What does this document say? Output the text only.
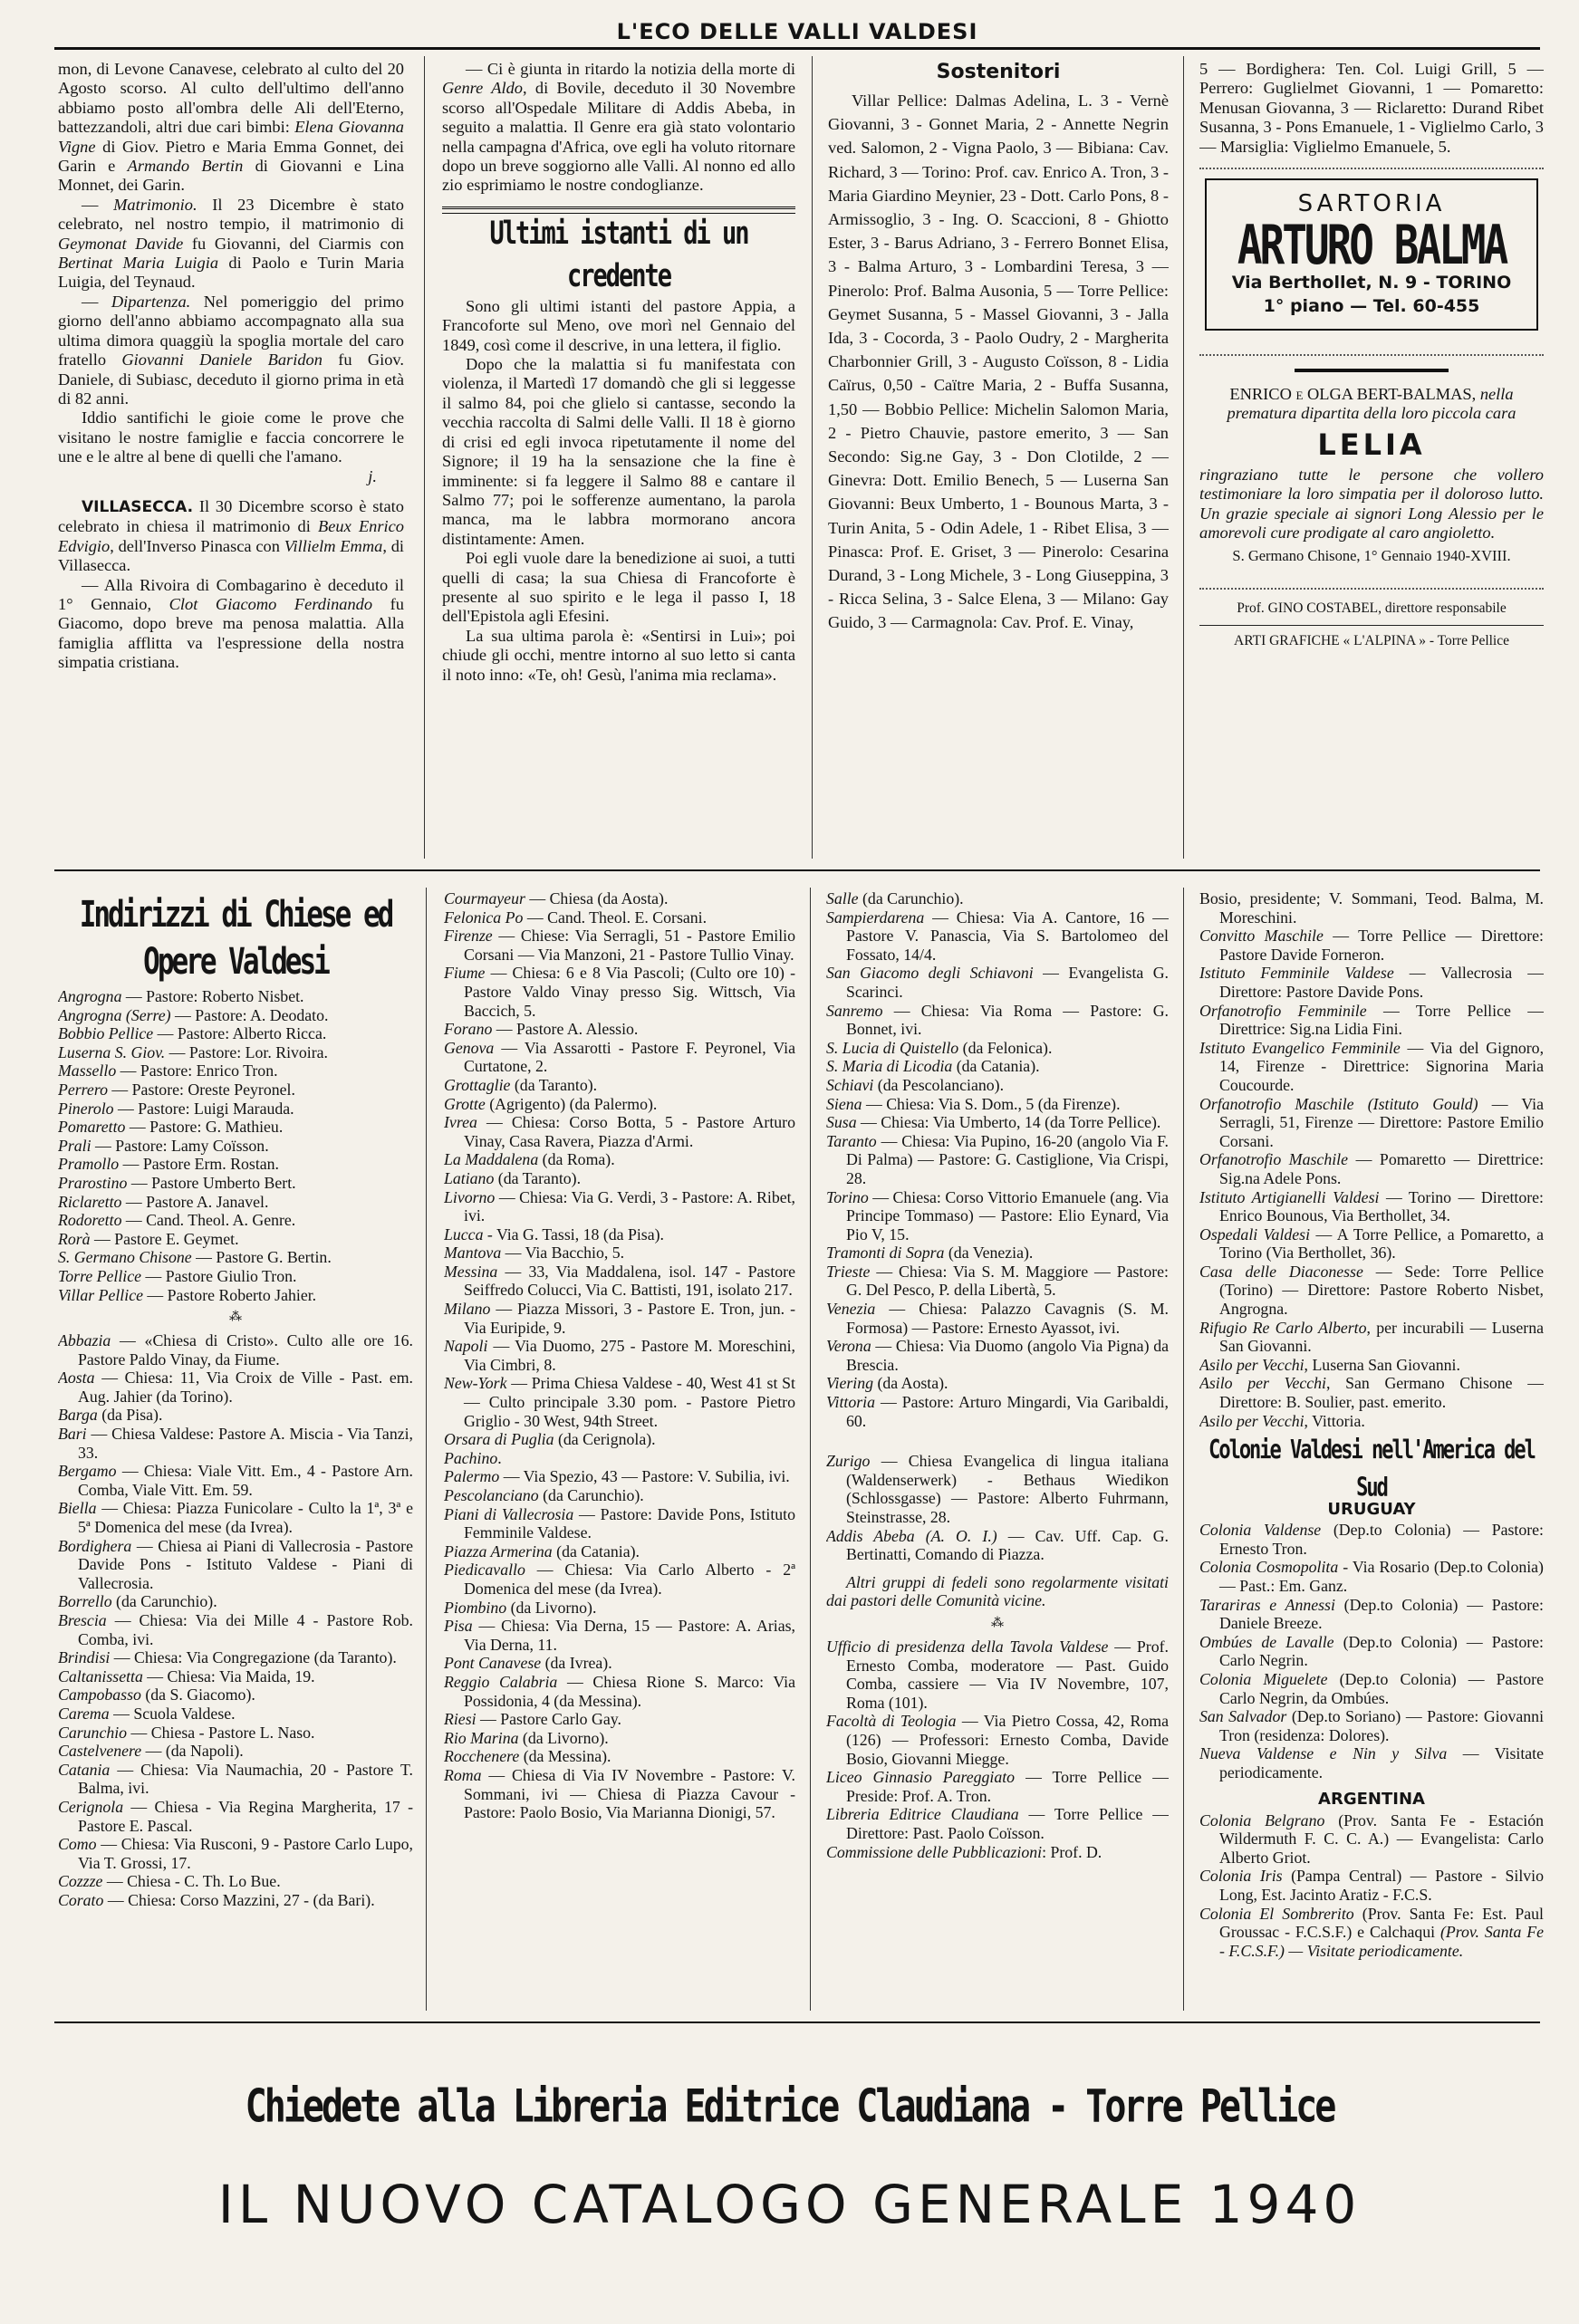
L'ECO DELLE VALLI VALDESI

mon, di Levone Canavese, celebrato al culto del 20 Agosto scorso. Al culto dell'ultimo dell'anno abbiamo posto all'ombra delle Ali dell'Eterno, battezzandoli, altri due cari bimbi: Elena Giovanna Vigne di Giov. Pietro e Maria Emma Gonnet, dei Garin e Armando Bertin di Giovanni e Lina Monnet, dei Garin.

— Matrimonio. Il 23 Dicembre è stato celebrato, nel nostro tempio, il matrimonio di Geymonat Davide fu Giovanni, del Ciarmis con Bertinat Maria Luigia di Paolo e Turin Maria Luigia, del Teynaud.

— Dipartenza. Nel pomeriggio del primo giorno dell'anno abbiamo accompagnato alla sua ultima dimora quaggiù la spoglia mortale del caro fratello Giovanni Daniele Baridon fu Giov. Daniele, di Subiasc, deceduto il giorno prima in età di 82 anni.

Iddio santifichi le gioie come le prove che visitano le nostre famiglie e faccia concorrere le une e le altre al bene di quelli che l'amano.

j.

VILLASECCA. Il 30 Dicembre scorso è stato celebrato in chiesa il matrimonio di Beux Enrico Edvigio, dell'Inverso Pinasca con Villielm Emma, di Villasecca.

— Alla Rivoira di Combagarino è deceduto il 1° Gennaio, Clot Giacomo Ferdinando fu Giacomo, dopo breve ma penosa malattia. Alla famiglia afflitta va l'espressione della nostra simpatia cristiana.

— Ci è giunta in ritardo la notizia della morte di Genre Aldo, di Bovile, deceduto il 30 Novembre scorso all'Ospedale Militare di Addis Abeba, in seguito a malattia. Il Genre era già stato volontario nella campagna d'Africa, ove egli ha voluto ritornare dopo un breve soggiorno alle Valli. Al nonno ed allo zio esprimiamo le nostre condoglianze.

Ultimi istanti di un credente

Sono gli ultimi istanti del pastore Appia, a Francoforte sul Meno, ove morì nel Gennaio del 1849, così come il descrive, in una lettera, il figlio.

Dopo che la malattia si fu manifestata con violenza, il Martedì 17 domandò che gli si leggesse il salmo 84, poi che glielo si cantasse, secondo la vecchia raccolta di Salmi delle Valli. Il 18 è giorno di crisi ed egli invoca ripetutamente il nome del Signore; il 19 ha la sensazione che la fine è imminente: si fa leggere il Salmo 88 e cantare il Salmo 77; poi le sofferenze aumentano, la parola manca, ma le labbra mormorano ancora distintamente: Amen.

Poi egli vuole dare la benedizione ai suoi, a tutti quelli di casa; la sua Chiesa di Francoforte è presente al suo spirito e le lega il passo I, 18 dell'Epistola agli Efesini.

La sua ultima parola è: «Sentirsi in Lui»; poi chiude gli occhi, mentre intorno al suo letto si canta il noto inno: «Te, oh! Gesù, l'anima mia reclama».

Sostenitori

Villar Pellice: Dalmas Adelina, L. 3 - Vernè Giovanni, 3 - Gonnet Maria, 2 - Annette Negrin ved. Salomon, 2 - Vigna Paolo, 3 — Bibiana: Cav. Richard, 3 — Torino: Prof. cav. Enrico A. Tron, 3 - Maria Giardino Meynier, 23 - Dott. Carlo Pons, 8 - Armissoglio, 3 - Ing. O. Scaccioni, 8 - Ghiotto Ester, 3 - Barus Adriano, 3 - Ferrero Bonnet Elisa, 3 - Balma Arturo, 3 - Lombardini Teresa, 3 — Pinerolo: Prof. Balma Ausonia, 5 — Torre Pellice: Geymet Susanna, 5 - Massel Giovanni, 3 - Jalla Ida, 3 - Cocorda, 3 - Paolo Oudry, 2 - Margherita Charbonnier Grill, 3 - Augusto Coïsson, 8 - Lidia Caïrus, 0,50 - Caïtre Maria, 2 - Buffa Susanna, 1,50 — Bobbio Pellice: Michelin Salomon Maria, 2 - Pietro Chauvie, pastore emerito, 3 — San Secondo: Sig.ne Gay, 3 - Don Clotilde, 2 — Ginevra: Dott. Emilio Benech, 5 — Luserna San Giovanni: Beux Umberto, 1 - Bounous Marta, 3 - Turin Anita, 5 - Odin Adele, 1 - Ribet Elisa, 3 — Pinasca: Prof. E. Griset, 3 — Pinerolo: Cesarina Durand, 3 - Long Michele, 3 - Long Giuseppina, 3 - Ricca Selina, 3 - Salce Elena, 3 — Milano: Gay Guido, 3 — Carmagnola: Cav. Prof. E. Vinay,

5 — Bordighera: Ten. Col. Luigi Grill, 5 — Perrero: Guglielmet Giovanni, 1 — Pomaretto: Menusan Giovanna, 3 — Riclaretto: Durand Ribet Susanna, 3 - Pons Emanuele, 1 - Viglielmo Carlo, 3 — Marsiglia: Viglielmo Emanuele, 5.

SARTORIA
ARTURO BALMA
Via Berthollet, N. 9 - TORINO
1° piano — Tel. 60-455

ENRICO e OLGA BERT-BALMAS, nella prematura dipartita della loro piccola cara

LELIA

ringraziano tutte le persone che vollero testimoniare la loro simpatia per il doloroso lutto. Un grazie speciale ai signori Long Alessio per le amorevoli cure prodigate al caro angioletto.

S. Germano Chisone, 1° Gennaio 1940-XVIII.

Prof. GINO COSTABEL, direttore responsabile

ARTI GRAFICHE « L'ALPINA » - Torre Pellice

Indirizzi di Chiese ed Opere Valdesi

Angrogna — Pastore: Roberto Nisbet.

Angrogna (Serre) — Pastore: A. Deodato.

Bobbio Pellice — Pastore: Alberto Ricca.

Luserna S. Giov. — Pastore: Lor. Rivoira.

Massello — Pastore: Enrico Tron.

Perrero — Pastore: Oreste Peyronel.

Pinerolo — Pastore: Luigi Marauda.

Pomaretto — Pastore: G. Mathieu.

Prali — Pastore: Lamy Coïsson.

Pramollo — Pastore Erm. Rostan.

Prarostino — Pastore Umberto Bert.

Riclaretto — Pastore A. Janavel.

Rodoretto — Cand. Theol. A. Genre.

Rorà — Pastore E. Geymet.

S. Germano Chisone — Pastore G. Bertin.

Torre Pellice — Pastore Giulio Tron.

Villar Pellice — Pastore Roberto Jahier.

⁂

Abbazia — «Chiesa di Cristo». Culto alle ore 16. Pastore Paldo Vinay, da Fiume.

Aosta — Chiesa: 11, Via Croix de Ville - Past. em. Aug. Jahier (da Torino).

Barga (da Pisa).

Bari — Chiesa Valdese: Pastore A. Miscia - Via Tanzi, 33.

Bergamo — Chiesa: Viale Vitt. Em., 4 - Pastore Arn. Comba, Viale Vitt. Em. 59.

Biella — Chiesa: Piazza Funicolare - Culto la 1ª, 3ª e 5ª Domenica del mese (da Ivrea).

Bordighera — Chiesa ai Piani di Vallecrosia - Pastore Davide Pons - Istituto Valdese - Piani di Vallecrosia.

Borrello (da Carunchio).

Brescia — Chiesa: Via dei Mille 4 - Pastore Rob. Comba, ivi.

Brindisi — Chiesa: Via Congregazione (da Taranto).

Caltanissetta — Chiesa: Via Maida, 19.

Campobasso (da S. Giacomo).

Carema — Scuola Valdese.

Carunchio — Chiesa - Pastore L. Naso.

Castelvenere — (da Napoli).

Catania — Chiesa: Via Naumachia, 20 - Pastore T. Balma, ivi.

Cerignola — Chiesa - Via Regina Margherita, 17 - Pastore E. Pascal.

Como — Chiesa: Via Rusconi, 9 - Pastore Carlo Lupo, Via T. Grossi, 17.

Cozzze — Chiesa - C. Th. Lo Bue.

Corato — Chiesa: Corso Mazzini, 27 - (da Bari).

Courmayeur — Chiesa (da Aosta).

Felonica Po — Cand. Theol. E. Corsani.

Firenze — Chiese: Via Serragli, 51 - Pastore Emilio Corsani — Via Manzoni, 21 - Pastore Tullio Vinay.

Fiume — Chiesa: 6 e 8 Via Pascoli; (Culto ore 10) - Pastore Valdo Vinay presso Sig. Wittsch, Via Baccich, 5.

Forano — Pastore A. Alessio.

Genova — Via Assarotti - Pastore F. Peyronel, Via Curtatone, 2.

Grottaglie (da Taranto).

Grotte (Agrigento) (da Palermo).

Ivrea — Chiesa: Corso Botta, 5 - Pastore Arturo Vinay, Casa Ravera, Piazza d'Armi.

La Maddalena (da Roma).

Latiano (da Taranto).

Livorno — Chiesa: Via G. Verdi, 3 - Pastore: A. Ribet, ivi.

Lucca - Via G. Tassi, 18 (da Pisa).

Mantova — Via Bacchio, 5.

Messina — 33, Via Maddalena, isol. 147 - Pastore Seiffredo Colucci, Via C. Battisti, 191, isolato 217.

Milano — Piazza Missori, 3 - Pastore E. Tron, jun. - Via Euripide, 9.

Napoli — Via Duomo, 275 - Pastore M. Moreschini, Via Cimbri, 8.

New-York — Prima Chiesa Valdese - 40, West 41 st St — Culto principale 3.30 pom. - Pastore Pietro Griglio - 30 West, 94th Street.

Orsara di Puglia (da Cerignola).

Pachino.

Palermo — Via Spezio, 43 — Pastore: V. Subilia, ivi.

Pescolanciano (da Carunchio).

Piani di Vallecrosia — Pastore: Davide Pons, Istituto Femminile Valdese.

Piazza Armerina (da Catania).

Piedicavallo — Chiesa: Via Carlo Alberto - 2ª Domenica del mese (da Ivrea).

Piombino (da Livorno).

Pisa — Chiesa: Via Derna, 15 — Pastore: A. Arias, Via Derna, 11.

Pont Canavese (da Ivrea).

Reggio Calabria — Chiesa Rione S. Marco: Via Possidonia, 4 (da Messina).

Riesi — Pastore Carlo Gay.

Rio Marina (da Livorno).

Rocchenere (da Messina).

Roma — Chiesa di Via IV Novembre - Pastore: V. Sommani, ivi — Chiesa di Piazza Cavour - Pastore: Paolo Bosio, Via Marianna Dionigi, 57.

Salle (da Carunchio).

Sampierdarena — Chiesa: Via A. Cantore, 16 — Pastore V. Panascia, Via S. Bartolomeo del Fossato, 14/4.

San Giacomo degli Schiavoni — Evangelista G. Scarinci.

Sanremo — Chiesa: Via Roma — Pastore: G. Bonnet, ivi.

S. Lucia di Quistello (da Felonica).

S. Maria di Licodia (da Catania).

Schiavi (da Pescolanciano).

Siena — Chiesa: Via S. Dom., 5 (da Firenze).

Susa — Chiesa: Via Umberto, 14 (da Torre Pellice).

Taranto — Chiesa: Via Pupino, 16-20 (angolo Via F. Di Palma) — Pastore: G. Castiglione, Via Crispi, 28.

Torino — Chiesa: Corso Vittorio Emanuele (ang. Via Principe Tommaso) — Pastore: Elio Eynard, Via Pio V, 15.

Tramonti di Sopra (da Venezia).

Trieste — Chiesa: Via S. M. Maggiore — Pastore: G. Del Pesco, P. della Libertà, 5.

Venezia — Chiesa: Palazzo Cavagnis (S. M. Formosa) — Pastore: Ernesto Ayassot, ivi.

Verona — Chiesa: Via Duomo (angolo Via Pigna) da Brescia.

Viering (da Aosta).

Vittoria — Pastore: Arturo Mingardi, Via Garibaldi, 60.

Zurigo — Chiesa Evangelica di lingua italiana (Waldenserwerk) - Bethaus Wiedikon (Schlossgasse) — Pastore: Alberto Fuhrmann, Steinstrasse, 28.

Addis Abeba (A. O. I.) — Cav. Uff. Cap. G. Bertinatti, Comando di Piazza.

Altri gruppi di fedeli sono regolarmente visitati dai pastori delle Comunità vicine.

⁂

Ufficio di presidenza della Tavola Valdese — Prof. Ernesto Comba, moderatore — Past. Guido Comba, cassiere — Via IV Novembre, 107, Roma (101).

Facoltà di Teologia — Via Pietro Cossa, 42, Roma (126) — Professori: Ernesto Comba, Davide Bosio, Giovanni Miegge.

Liceo Ginnasio Pareggiato — Torre Pellice — Preside: Prof. A. Tron.

Libreria Editrice Claudiana — Torre Pellice — Direttore: Past. Paolo Coïsson.

Commissione delle Pubblicazioni: Prof. D.

Bosio, presidente; V. Sommani, Teod. Balma, M. Moreschini.

Convitto Maschile — Torre Pellice — Direttore: Pastore Davide Forneron.

Istituto Femminile Valdese — Vallecrosia — Direttore: Pastore Davide Pons.

Orfanotrofio Femminile — Torre Pellice — Direttrice: Sig.na Lidia Fini.

Istituto Evangelico Femminile — Via del Gignoro, 14, Firenze - Direttrice: Signorina Maria Coucourde.

Orfanotrofio Maschile (Istituto Gould) — Via Serragli, 51, Firenze — Direttore: Pastore Emilio Corsani.

Orfanotrofio Maschile — Pomaretto — Direttrice: Sig.na Adele Pons.

Istituto Artigianelli Valdesi — Torino — Direttore: Enrico Bounous, Via Berthollet, 34.

Ospedali Valdesi — A Torre Pellice, a Pomaretto, a Torino (Via Berthollet, 36).

Casa delle Diaconesse — Sede: Torre Pellice (Torino) — Direttore: Pastore Roberto Nisbet, Angrogna.

Rifugio Re Carlo Alberto, per incurabili — Luserna San Giovanni.

Asilo per Vecchi, Luserna San Giovanni.

Asilo per Vecchi, San Germano Chisone — Direttore: B. Soulier, past. emerito.

Asilo per Vecchi, Vittoria.

Colonie Valdesi nell'America del Sud
URUGUAY

Colonia Valdense (Dep.to Colonia) — Pastore: Ernesto Tron.

Colonia Cosmopolita - Via Rosario (Dep.to Colonia) — Past.: Em. Ganz.

Tarariras e Annessi (Dep.to Colonia) — Pastore: Daniele Breeze.

Ombúes de Lavalle (Dep.to Colonia) — Pastore: Carlo Negrin.

Colonia Miguelete (Dep.to Colonia) — Pastore Carlo Negrin, da Ombúes.

San Salvador (Dep.to Soriano) — Pastore: Giovanni Tron (residenza: Dolores).

Nueva Valdense e Nin y Silva — Visitate periodicamente.

ARGENTINA

Colonia Belgrano (Prov. Santa Fe - Estación Wildermuth F. C. C. A.) — Evangelista: Carlo Alberto Griot.

Colonia Iris (Pampa Central) — Pastore - Silvio Long, Est. Jacinto Aratiz - F.C.S.

Colonia El Sombrerito (Prov. Santa Fe: Est. Paul Groussac - F.C.S.F.) e Calchaqui (Prov. Santa Fe - F.C.S.F.) — Visitate periodicamente.

Chiedete alla Libreria Editrice Claudiana - Torre Pellice
IL NUOVO CATALOGO GENERALE 1940
